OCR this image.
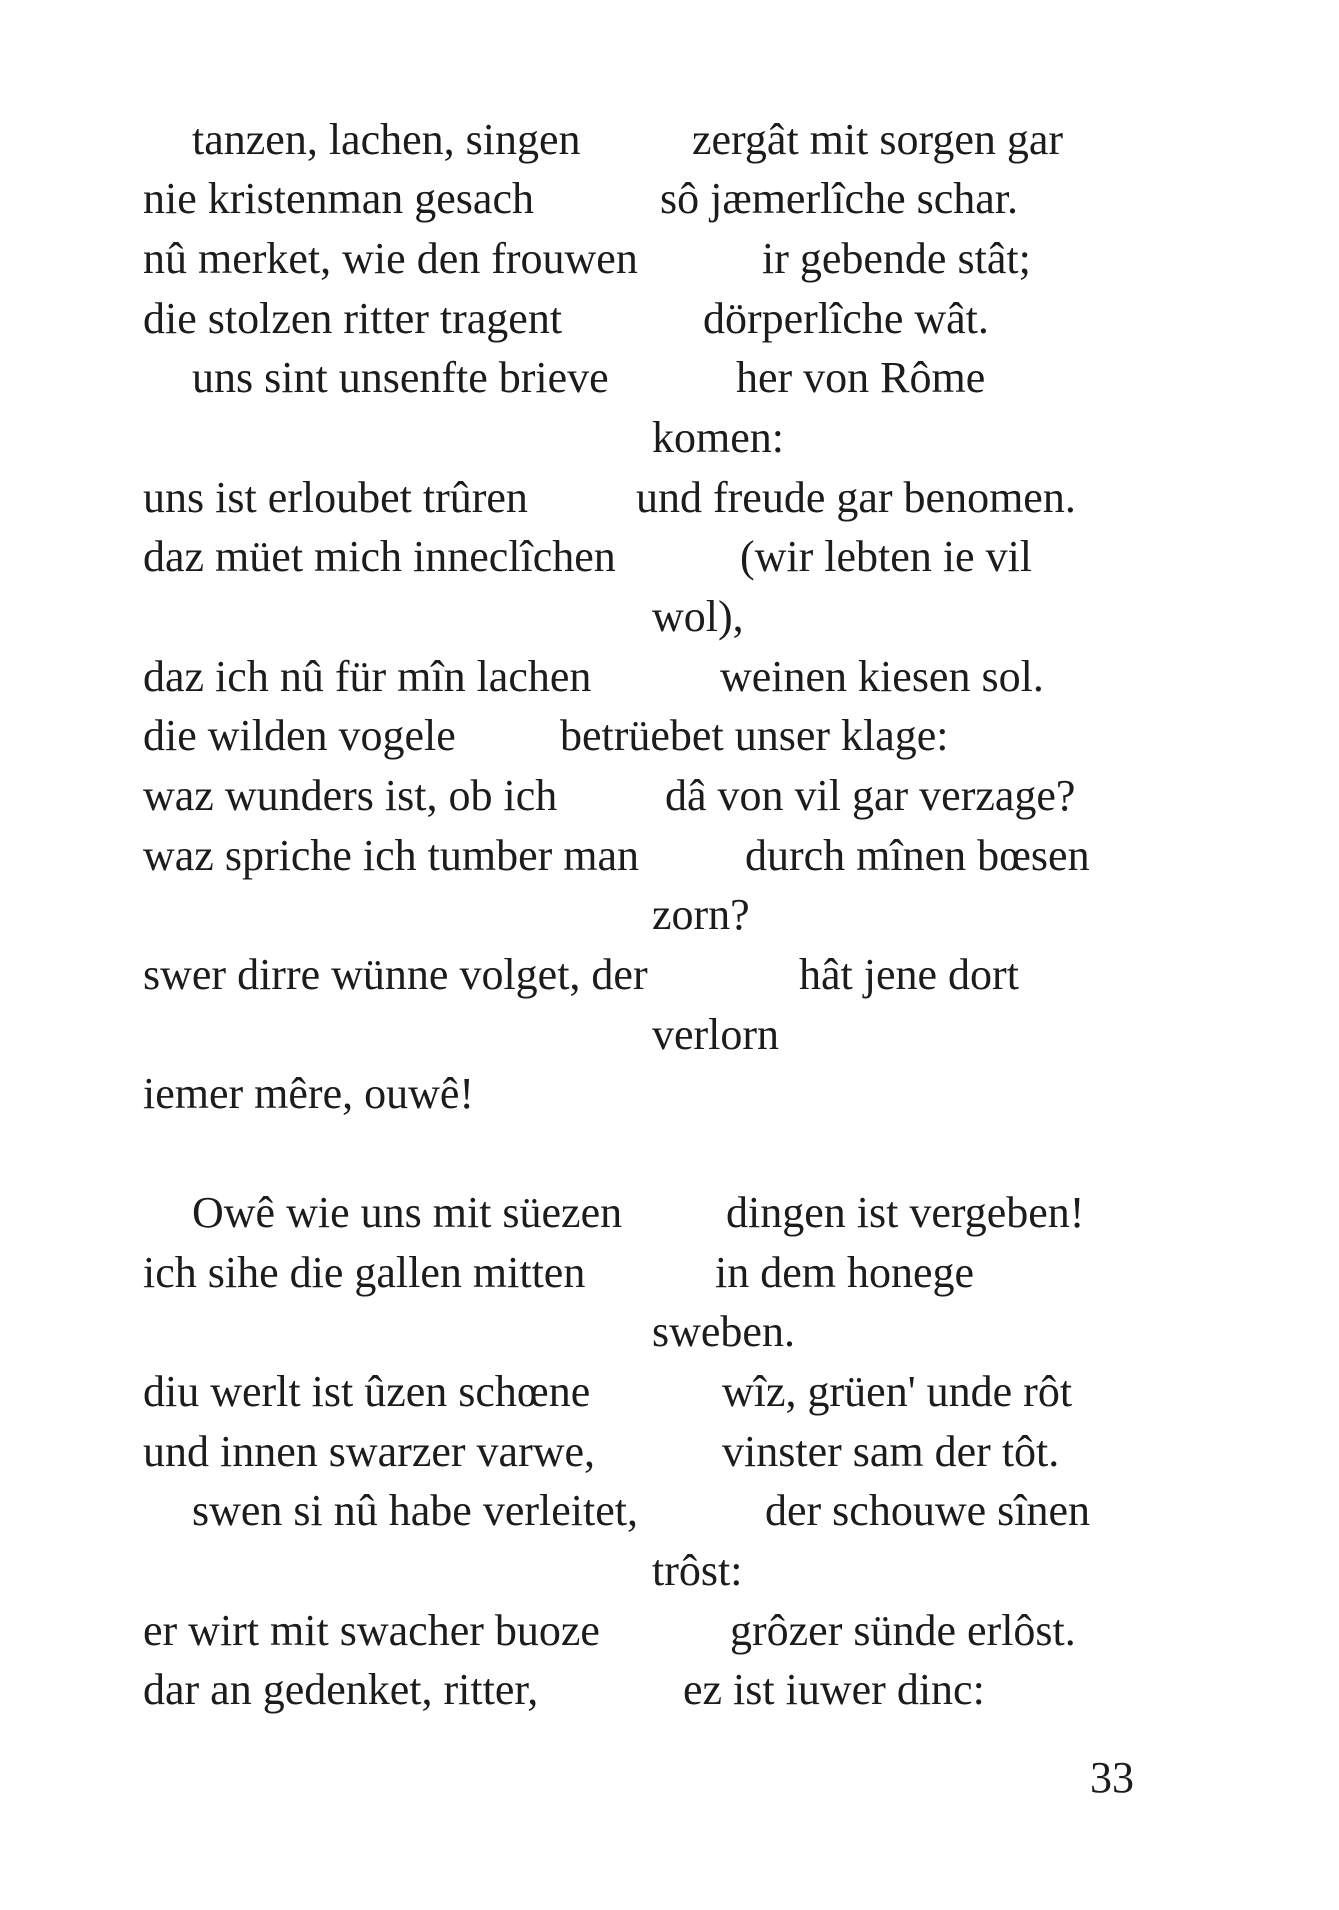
tanzen, lachen, singen	zergât mit sorgen gar
nie kristenman gesach	sô jæmerlîche schar.
nû merket, wie den frouwen	ir gebende stât;
die stolzen ritter tragent	dörperlîche wât.
uns sint unsenfte brieve	her von Rôme
komen:
uns ist erloubet trûren und freude gar benomen.
daz müet mich inneclîchen	(wir lebten ie vil
wol),
daz ich nû für mîn lachen	weinen kiesen sol.
die wilden vogele betrüebet unser klage:
waz wunders ist, ob ich dâ von vil gar verzage?
waz spriche ich tumber man durch mînen bœsen
zorn?
swer dirre wünne volget, der	hât jene dort
verlorn
iemer mêre, ouwê!
Owê wie uns mit süezen dingen ist vergeben!
ich sihe die gallen mitten	in dem honege
sweben.
diu werlt ist ûzen schœne	wîz, grüen' unde rôt
und innen swarzer varwe,	vinster sam der tôt.
swen si nû habe verleitet,	der schouwe sînen
trôst:
er wirt mit swacher buoze	grôzer sünde erlôst.
dar an gedenket, ritter,	ez ist iuwer dinc:
33
